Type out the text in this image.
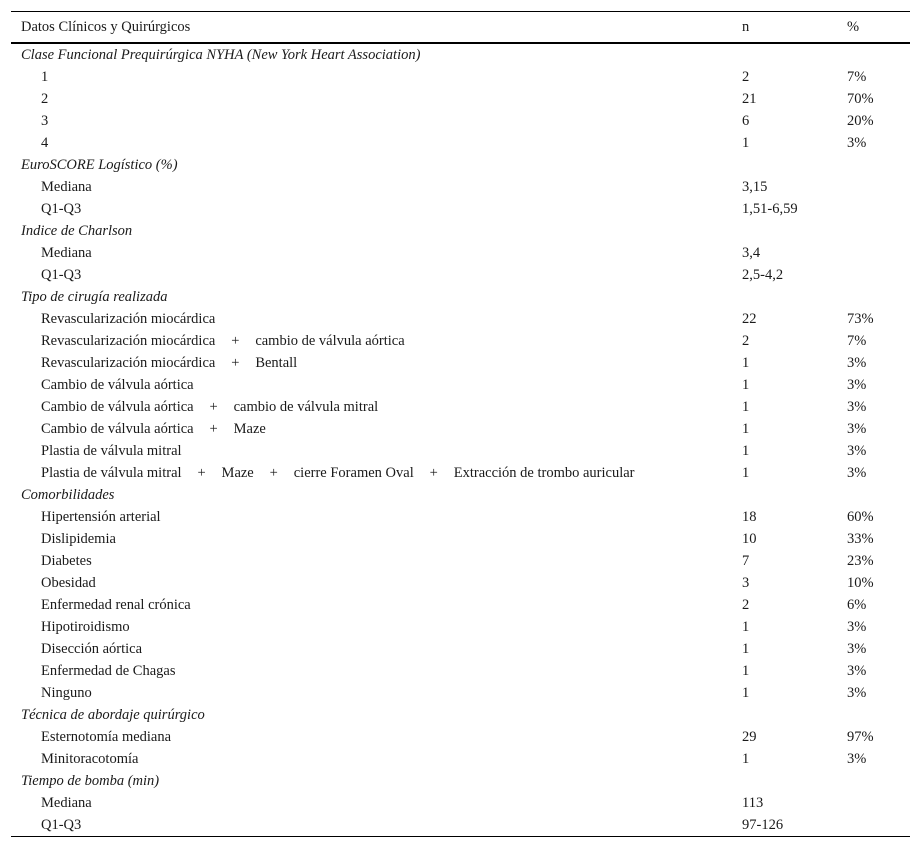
Datos Clínicos y Quirúrgicos	n	%
Clase Funcional Prequirúrgica NYHA (New York Heart Association)
1	2	7%
2	21	70%
3	6	20%
4	1	3%
EuroSCORE Logístico (%)
Mediana	3,15
Q1-Q3	1,51-6,59
Indice de Charlson
Mediana	3,4
Q1-Q3	2,5-4,2
Tipo de cirugía realizada
Revascularización miocárdica	22	73%
Revascularización miocárdica + cambio de válvula aórtica	2	7%
Revascularización miocárdica + Bentall	1	3%
Cambio de válvula aórtica	1	3%
Cambio de válvula aórtica + cambio de válvula mitral	1	3%
Cambio de válvula aórtica + Maze	1	3%
Plastia de válvula mitral	1	3%
Plastia de válvula mitral + Maze + cierre Foramen Oval + Extracción de trombo auricular	1	3%
Comorbilidades
Hipertensión arterial	18	60%
Dislipidemia	10	33%
Diabetes	7	23%
Obesidad	3	10%
Enfermedad renal crónica	2	6%
Hipotiroidismo	1	3%
Disección aórtica	1	3%
Enfermedad de Chagas	1	3%
Ninguno	1	3%
Técnica de abordaje quirúrgico
Esternotomía mediana	29	97%
Minitoracotomía	1	3%
Tiempo de bomba (min)
Mediana	113
Q1-Q3	97-126
